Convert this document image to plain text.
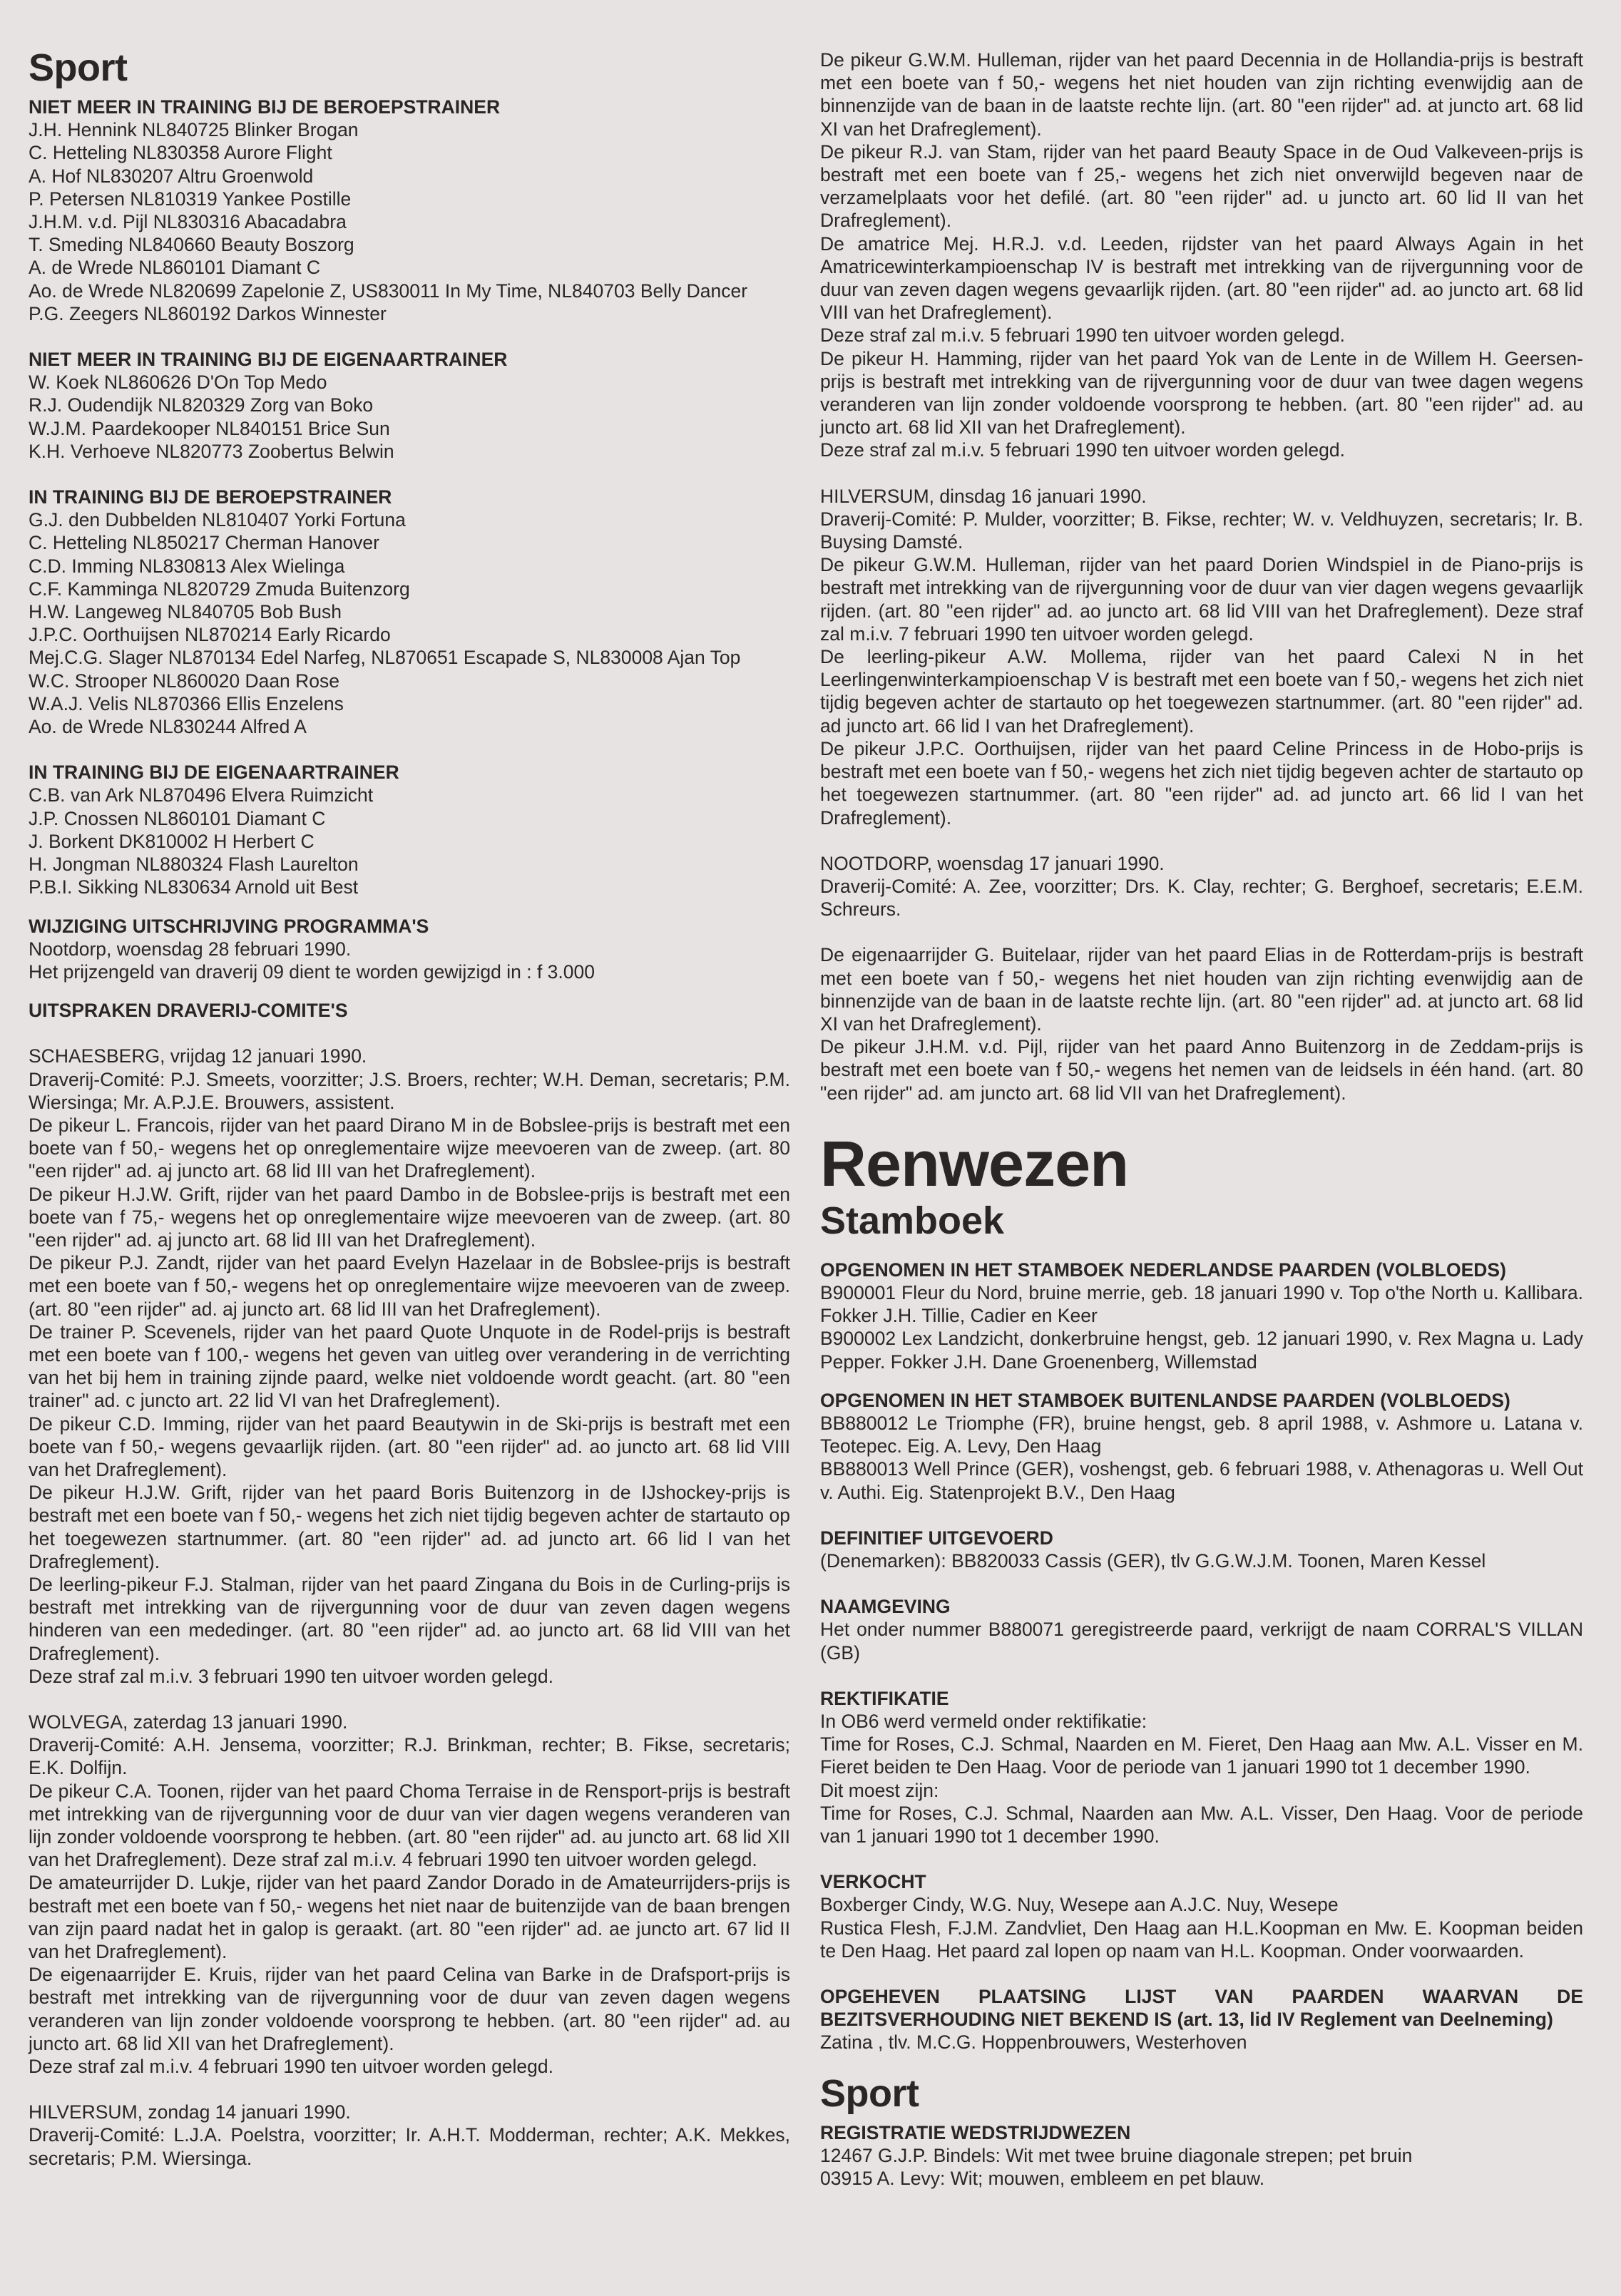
Sport

NIET MEER IN TRAINING BIJ DE BEROEPSTRAINER

J.H. Hennink NL840725 Blinker Brogan

C. Hetteling NL830358 Aurore Flight

A. Hof NL830207 Altru Groenwold

P. Petersen NL810319 Yankee Postille

J.H.M. v.d. Pijl NL830316 Abacadabra

T. Smeding NL840660 Beauty Boszorg

A. de Wrede NL860101 Diamant C

Ao. de Wrede NL820699 Zapelonie Z, US830011 In My Time, NL840703 Belly Dancer

P.G. Zeegers NL860192 Darkos Winnester

NIET MEER IN TRAINING BIJ DE EIGENAARTRAINER

W. Koek NL860626 D'On Top Medo

R.J. Oudendijk NL820329 Zorg van Boko

W.J.M. Paardekooper NL840151 Brice Sun

K.H. Verhoeve NL820773 Zoobertus Belwin

IN TRAINING BIJ DE BEROEPSTRAINER

G.J. den Dubbelden NL810407 Yorki Fortuna

C. Hetteling NL850217 Cherman Hanover

C.D. Imming NL830813 Alex Wielinga

C.F. Kamminga NL820729 Zmuda Buitenzorg

H.W. Langeweg NL840705 Bob Bush

J.P.C. Oorthuijsen NL870214 Early Ricardo

Mej.C.G. Slager NL870134 Edel Narfeg, NL870651 Escapade S, NL830008 Ajan Top

W.C. Strooper NL860020 Daan Rose

W.A.J. Velis NL870366 Ellis Enzelens

Ao. de Wrede NL830244 Alfred A

IN TRAINING BIJ DE EIGENAARTRAINER

C.B. van Ark NL870496 Elvera Ruimzicht

J.P. Cnossen NL860101 Diamant C

J. Borkent DK810002 H Herbert C

H. Jongman NL880324 Flash Laurelton

P.B.I. Sikking NL830634 Arnold uit Best

WIJZIGING UITSCHRIJVING PROGRAMMA'S

Nootdorp, woensdag 28 februari 1990.

Het prijzengeld van draverij 09 dient te worden gewijzigd in : f 3.000

UITSPRAKEN DRAVERIJ-COMITE'S

SCHAESBERG, vrijdag 12 januari 1990.

Draverij-Comité: P.J. Smeets, voorzitter; J.S. Broers, rechter; W.H. Deman, secretaris; P.M. Wiersinga; Mr. A.P.J.E. Brouwers, assistent.

De pikeur L. Francois, rijder van het paard Dirano M in de Bobslee-prijs is bestraft met een boete van f 50,- wegens het op onreglementaire wijze meevoeren van de zweep. (art. 80 "een rijder" ad. aj juncto art. 68 lid III van het Drafreglement).

De pikeur H.J.W. Grift, rijder van het paard Dambo in de Bobslee-prijs is bestraft met een boete van f 75,- wegens het op onreglementaire wijze meevoeren van de zweep. (art. 80 "een rijder" ad. aj juncto art. 68 lid III van het Drafreglement).

De pikeur P.J. Zandt, rijder van het paard Evelyn Hazelaar in de Bobslee-prijs is bestraft met een boete van f 50,- wegens het op onreglementaire wijze meevoeren van de zweep. (art. 80 "een rijder" ad. aj juncto art. 68 lid III van het Drafreglement).

De trainer P. Scevenels, rijder van het paard Quote Unquote in de Rodel-prijs is bestraft met een boete van f 100,- wegens het geven van uitleg over verandering in de verrichting van het bij hem in training zijnde paard, welke niet voldoende wordt geacht. (art. 80 "een trainer" ad. c juncto art. 22 lid VI van het Drafreglement).

De pikeur C.D. Imming, rijder van het paard Beautywin in de Ski-prijs is bestraft met een boete van f 50,- wegens gevaarlijk rijden. (art. 80 "een rijder" ad. ao juncto art. 68 lid VIII van het Drafreglement).

De pikeur H.J.W. Grift, rijder van het paard Boris Buitenzorg in de IJshockey-prijs is bestraft met een boete van f 50,- wegens het zich niet tijdig begeven achter de startauto op het toegewezen startnummer. (art. 80 "een rijder" ad. ad juncto art. 66 lid I van het Drafreglement).

De leerling-pikeur F.J. Stalman, rijder van het paard Zingana du Bois in de Curling-prijs is bestraft met intrekking van de rijvergunning voor de duur van zeven dagen wegens hinderen van een mededinger. (art. 80 "een rijder" ad. ao juncto art. 68 lid VIII van het Drafreglement).

Deze straf zal m.i.v. 3 februari 1990 ten uitvoer worden gelegd.

WOLVEGA, zaterdag 13 januari 1990.

Draverij-Comité: A.H. Jensema, voorzitter; R.J. Brinkman, rechter; B. Fikse, secretaris; E.K. Dolfijn.

De pikeur C.A. Toonen, rijder van het paard Choma Terraise in de Rensport-prijs is bestraft met intrekking van de rijvergunning voor de duur van vier dagen wegens veranderen van lijn zonder voldoende voorsprong te hebben. (art. 80 "een rijder" ad. au juncto art. 68 lid XII van het Drafreglement). Deze straf zal m.i.v. 4 februari 1990 ten uitvoer worden gelegd.

De amateurrijder D. Lukje, rijder van het paard Zandor Dorado in de Amateurrijders-prijs is bestraft met een boete van f 50,- wegens het niet naar de buitenzijde van de baan brengen van zijn paard nadat het in galop is geraakt. (art. 80 "een rijder" ad. ae juncto art. 67 lid II van het Drafreglement).

De eigenaarrijder E. Kruis, rijder van het paard Celina van Barke in de Drafsport-prijs is bestraft met intrekking van de rijvergunning voor de duur van zeven dagen wegens veranderen van lijn zonder voldoende voorsprong te hebben. (art. 80 "een rijder" ad. au juncto art. 68 lid XII van het Drafreglement).

Deze straf zal m.i.v. 4 februari 1990 ten uitvoer worden gelegd.

HILVERSUM, zondag 14 januari 1990.

Draverij-Comité: L.J.A. Poelstra, voorzitter; Ir. A.H.T. Modderman, rechter; A.K. Mekkes, secretaris; P.M. Wiersinga.

De pikeur G.W.M. Hulleman, rijder van het paard Decennia in de Hollandia-prijs is bestraft met een boete van f 50,- wegens het niet houden van zijn richting evenwijdig aan de binnenzijde van de baan in de laatste rechte lijn. (art. 80 "een rijder" ad. at juncto art. 68 lid XI van het Drafreglement).

De pikeur R.J. van Stam, rijder van het paard Beauty Space in de Oud Valkeveen-prijs is bestraft met een boete van f 25,- wegens het zich niet onverwijld begeven naar de verzamelplaats voor het defilé. (art. 80 "een rijder" ad. u juncto art. 60 lid II van het Drafreglement).

De amatrice Mej. H.R.J. v.d. Leeden, rijdster van het paard Always Again in het Amatricewinterkampioenschap IV is bestraft met intrekking van de rijvergunning voor de duur van zeven dagen wegens gevaarlijk rijden. (art. 80 "een rijder" ad. ao juncto art. 68 lid VIII van het Drafreglement).

Deze straf zal m.i.v. 5 februari 1990 ten uitvoer worden gelegd.

De pikeur H. Hamming, rijder van het paard Yok van de Lente in de Willem H. Geersen-prijs is bestraft met intrekking van de rijvergunning voor de duur van twee dagen wegens veranderen van lijn zonder voldoende voorsprong te hebben. (art. 80 "een rijder" ad. au juncto art. 68 lid XII van het Drafreglement).

Deze straf zal m.i.v. 5 februari 1990 ten uitvoer worden gelegd.

HILVERSUM, dinsdag 16 januari 1990.

Draverij-Comité: P. Mulder, voorzitter; B. Fikse, rechter; W. v. Veldhuyzen, secretaris; Ir. B. Buysing Damsté.

De pikeur G.W.M. Hulleman, rijder van het paard Dorien Windspiel in de Piano-prijs is bestraft met intrekking van de rijvergunning voor de duur van vier dagen wegens gevaarlijk rijden. (art. 80 "een rijder" ad. ao juncto art. 68 lid VIII van het Drafreglement). Deze straf zal m.i.v. 7 februari 1990 ten uitvoer worden gelegd.

De leerling-pikeur A.W. Mollema, rijder van het paard Calexi N in het Leerlingenwinterkampioenschap V is bestraft met een boete van f 50,- wegens het zich niet tijdig begeven achter de startauto op het toegewezen startnummer. (art. 80 "een rijder" ad. ad juncto art. 66 lid I van het Drafreglement).

De pikeur J.P.C. Oorthuijsen, rijder van het paard Celine Princess in de Hobo-prijs is bestraft met een boete van f 50,- wegens het zich niet tijdig begeven achter de startauto op het toegewezen startnummer. (art. 80 "een rijder" ad. ad juncto art. 66 lid I van het Drafreglement).

NOOTDORP, woensdag 17 januari 1990.

Draverij-Comité: A. Zee, voorzitter; Drs. K. Clay, rechter; G. Berghoef, secretaris; E.E.M. Schreurs.

De eigenaarrijder G. Buitelaar, rijder van het paard Elias in de Rotterdam-prijs is bestraft met een boete van f 50,- wegens het niet houden van zijn richting evenwijdig aan de binnenzijde van de baan in de laatste rechte lijn. (art. 80 "een rijder" ad. at juncto art. 68 lid XI van het Drafreglement).

De pikeur J.H.M. v.d. Pijl, rijder van het paard Anno Buitenzorg in de Zeddam-prijs is bestraft met een boete van f 50,- wegens het nemen van de leidsels in één hand. (art. 80 "een rijder" ad. am juncto art. 68 lid VII van het Drafreglement).

Renwezen
Stamboek

OPGENOMEN IN HET STAMBOEK NEDERLANDSE PAARDEN (VOLBLOEDS)

B900001 Fleur du Nord, bruine merrie, geb. 18 januari 1990 v. Top o'the North u. Kallibara. Fokker J.H. Tillie, Cadier en Keer

B900002 Lex Landzicht, donkerbruine hengst, geb. 12 januari 1990, v. Rex Magna u. Lady Pepper. Fokker J.H. Dane Groenenberg, Willemstad

OPGENOMEN IN HET STAMBOEK BUITENLANDSE PAARDEN (VOLBLOEDS)

BB880012 Le Triomphe (FR), bruine hengst, geb. 8 april 1988, v. Ashmore u. Latana v. Teotepec. Eig. A. Levy, Den Haag

BB880013 Well Prince (GER), voshengst, geb. 6 februari 1988, v. Athenagoras u. Well Out v. Authi. Eig. Statenprojekt B.V., Den Haag

DEFINITIEF UITGEVOERD

(Denemarken): BB820033 Cassis (GER), tlv G.G.W.J.M. Toonen, Maren Kessel

NAAMGEVING

Het onder nummer B880071 geregistreerde paard, verkrijgt de naam CORRAL'S VILLAN (GB)

REKTIFIKATIE

In OB6 werd vermeld onder rektifikatie:

Time for Roses, C.J. Schmal, Naarden en M. Fieret, Den Haag aan Mw. A.L. Visser en M. Fieret beiden te Den Haag. Voor de periode van 1 januari 1990 tot 1 december 1990.

Dit moest zijn:

Time for Roses, C.J. Schmal, Naarden aan Mw. A.L. Visser, Den Haag. Voor de periode van 1 januari 1990 tot 1 december 1990.

VERKOCHT

Boxberger Cindy, W.G. Nuy, Wesepe aan A.J.C. Nuy, Wesepe

Rustica Flesh, F.J.M. Zandvliet, Den Haag aan H.L.Koopman en Mw. E. Koopman beiden te Den Haag. Het paard zal lopen op naam van H.L. Koopman. Onder voorwaarden.

OPGEHEVEN PLAATSING LIJST VAN PAARDEN WAARVAN DE BEZITSVERHOUDING NIET BEKEND IS (art. 13, lid IV Reglement van Deelneming)

Zatina , tlv. M.C.G. Hoppenbrouwers, Westerhoven

Sport

REGISTRATIE WEDSTRIJDWEZEN

12467 G.J.P. Bindels: Wit met twee bruine diagonale strepen; pet bruin

03915 A. Levy: Wit; mouwen, embleem en pet blauw.
